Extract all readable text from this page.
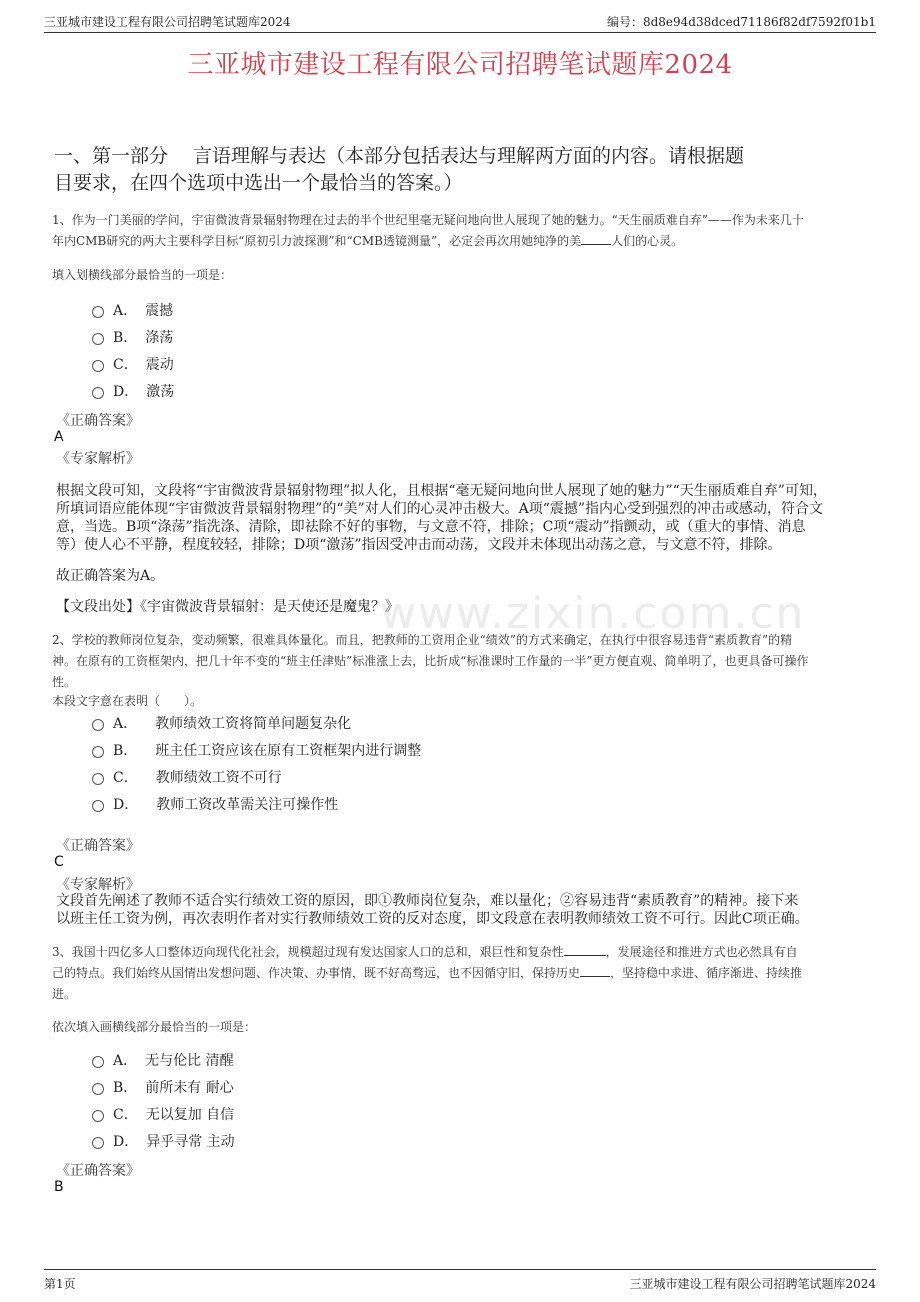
三亚城市建设工程有限公司招聘笔试题库2024	编号：8d8e94d38dced71186f82df7592f01b1
三亚城市建设工程有限公司招聘笔试题库2024
一、第一部分　 言语理解与表达（本部分包括表达与理解两方面的内容。请根据题
目要求，在四个选项中选出一个最恰当的答案。）
www.zixin.com.cn
1、作为一门美丽的学问，宇宙微波背景辐射物理在过去的半个世纪里毫无疑问地向世人展现了她的魅力。“天生丽质难自弃”——作为未来几十
年内CMB研究的两大主要科学目标“原初引力波探测”和“CMB透镜测量”，必定会再次用她纯净的美	人们的心灵。
填入划横线部分最恰当的一项是：
A． 震撼
B． 涤荡
C． 震动
D． 激荡
《正确答案》
A
《专家解析》
根据文段可知，文段将“宇宙微波背景辐射物理”拟人化，且根据“毫无疑问地向世人展现了她的魅力”“天生丽质难自弃”可知，
所填词语应能体现“宇宙微波背景辐射物理”的“美”对人们的心灵冲击极大。A项“震撼”指内心受到强烈的冲击或感动，符合文
意，当选。B项“涤荡”指洗涤、清除，即祛除不好的事物，与文意不符，排除；C项“震动”指颤动，或（重大的事情、消息
等）使人心不平静，程度较轻，排除；D项“激荡”指因受冲击而动荡，文段并未体现出动荡之意，与文意不符，排除。
故正确答案为A。
【文段出处】《宇宙微波背景辐射：是天使还是魔鬼？》
2、学校的教师岗位复杂，变动频繁，很难具体量化。而且，把教师的工资用企业“绩效”的方式来确定，在执行中很容易违背“素质教育”的精
神。在原有的工资框架内，把几十年不变的“班主任津贴”标准涨上去，比折成“标准课时工作量的一半”更方便直观、简单明了，也更具备可操作
性。
本段文字意在表明（　　）。
A． 教师绩效工资将简单问题复杂化
B． 班主任工资应该在原有工资框架内进行调整
C． 教师绩效工资不可行
D． 教师工资改革需关注可操作性
《正确答案》
C
《专家解析》
文段首先阐述了教师不适合实行绩效工资的原因，即①教师岗位复杂，难以量化；②容易违背“素质教育”的精神。接下来
以班主任工资为例，再次表明作者对实行教师绩效工资的反对态度，即文段意在表明教师绩效工资不可行。因此C项正确。
3、我国十四亿多人口整体迈向现代化社会，规模超过现有发达国家人口的总和，艰巨性和复杂性	，发展途径和推进方式也必然具有自
己的特点。我们始终从国情出发想问题、作决策、办事情，既不好高骛远，也不因循守旧，保持历史	，坚持稳中求进、循序渐进、持续推
进。
依次填入画横线部分最恰当的一项是：
A． 无与伦比 清醒
B． 前所未有 耐心
C． 无以复加 自信
D． 异乎寻常 主动
《正确答案》
B
第1页	三亚城市建设工程有限公司招聘笔试题库2024
